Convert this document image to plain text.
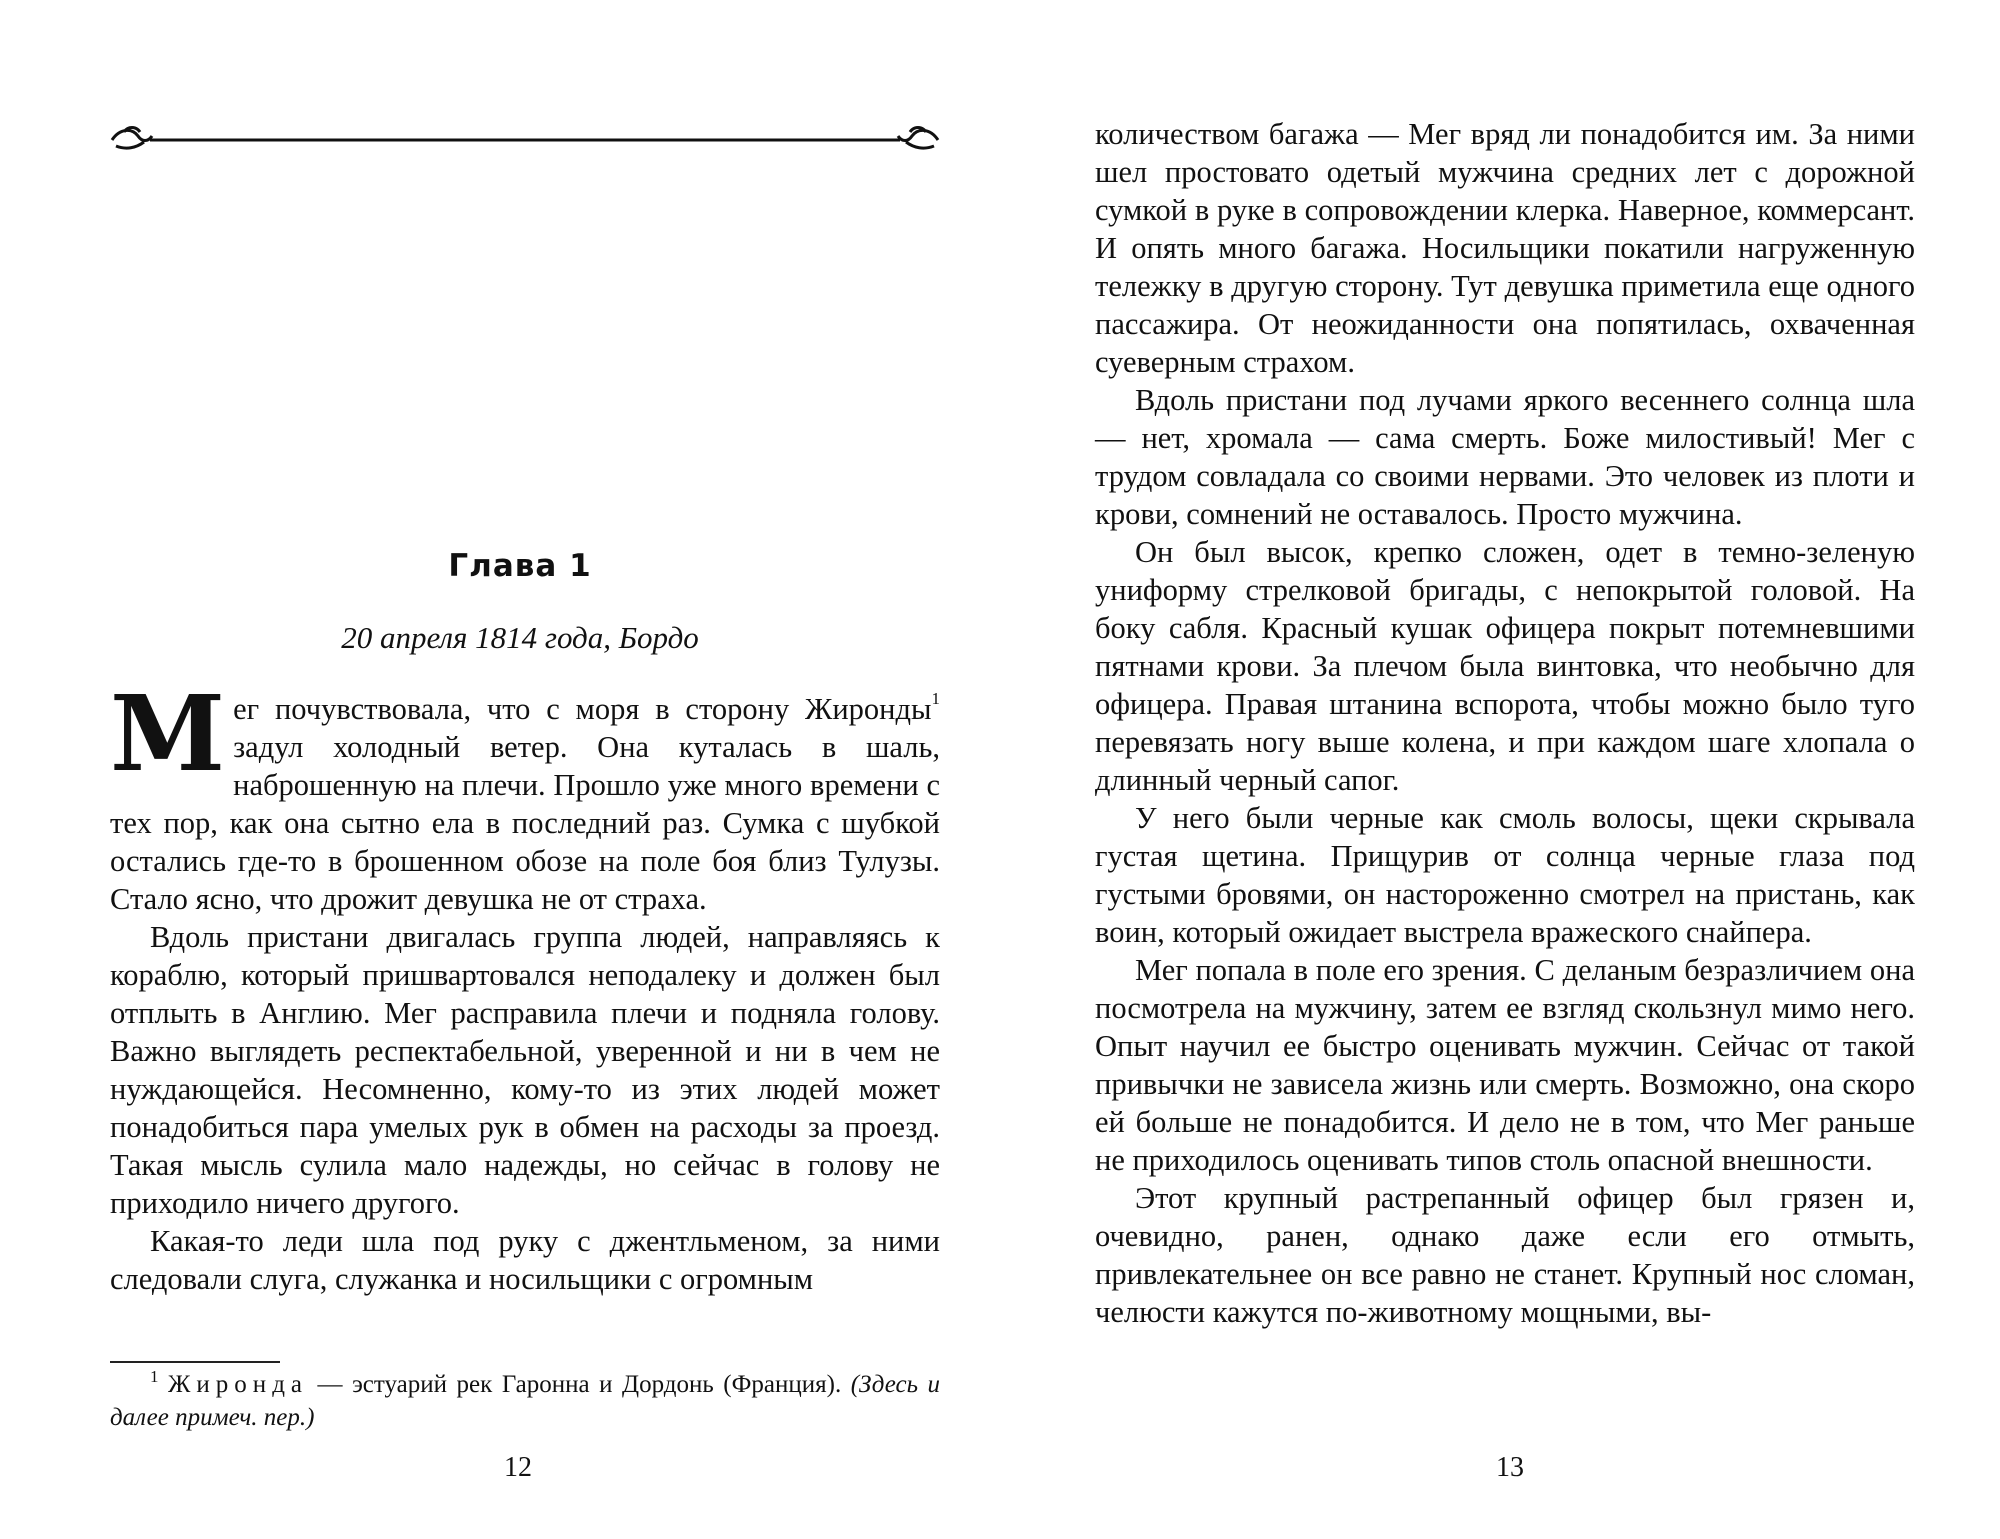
Глава 1
20 апреля 1814 года, Бордо

Мег почувствовала, что с моря в сторону Жиронды$^1$ задул холодный ветер. Она куталась в шаль, наброшенную на плечи. Прошло уже много времени с тех пор, как она сытно ела в последний раз. Сумка с шубкой остались где-то в брошенном обозе на поле боя близ Тулузы. Стало ясно, что дрожит девушка не от страха.

Вдоль пристани двигалась группа людей, направляясь к кораблю, который пришвартовался неподалеку и должен был отплыть в Англию. Мег расправила плечи и подняла голову. Важно выглядеть респектабельной, уверенной и ни в чем не нуждающейся. Несомненно, кому-то из этих людей может понадобиться пара умелых рук в обмен на расходы за проезд. Такая мысль сулила мало надежды, но сейчас в голову не приходило ничего другого.

Какая-то леди шла под руку с джентльменом, за ними следовали слуга, служанка и носильщики с огромным

$^1$ Жиронда — эстуарий рек Гаронна и Дордонь (Франция). (Здесь и далее примеч. пер.)
12

количеством багажа — Мег вряд ли понадобится им. За ними шел простовато одетый мужчина средних лет с дорожной сумкой в руке в сопровождении клерка. Наверное, коммерсант. И опять много багажа. Носильщики покатили нагруженную тележку в другую сторону. Тут девушка приметила еще одного пассажира. От неожиданности она попятилась, охваченная суеверным страхом.

Вдоль пристани под лучами яркого весеннего солнца шла — нет, хромала — сама смерть. Боже милостивый! Мег с трудом совладала со своими нервами. Это человек из плоти и крови, сомнений не оставалось. Просто мужчина.

Он был высок, крепко сложен, одет в темно-зеленую униформу стрелковой бригады, с непокрытой головой. На боку сабля. Красный кушак офицера покрыт потемневшими пятнами крови. За плечом была винтовка, что необычно для офицера. Правая штанина вспорота, чтобы можно было туго перевязать ногу выше колена, и при каждом шаге хлопала о длинный черный сапог.

У него были черные как смоль волосы, щеки скрывала густая щетина. Прищурив от солнца черные глаза под густыми бровями, он настороженно смотрел на пристань, как воин, который ожидает выстрела вражеского снайпера.

Мег попала в поле его зрения. С деланым безразличием она посмотрела на мужчину, затем ее взгляд скользнул мимо него. Опыт научил ее быстро оценивать мужчин. Сейчас от такой привычки не зависела жизнь или смерть. Возможно, она скоро ей больше не понадобится. И дело не в том, что Мег раньше не приходилось оценивать типов столь опасной внешности.

Этот крупный растрепанный офицер был грязен и, очевидно, ранен, однако даже если его отмыть, привлекательнее он все равно не станет. Крупный нос сломан, челюсти кажутся по-животному мощными, вы-

13
